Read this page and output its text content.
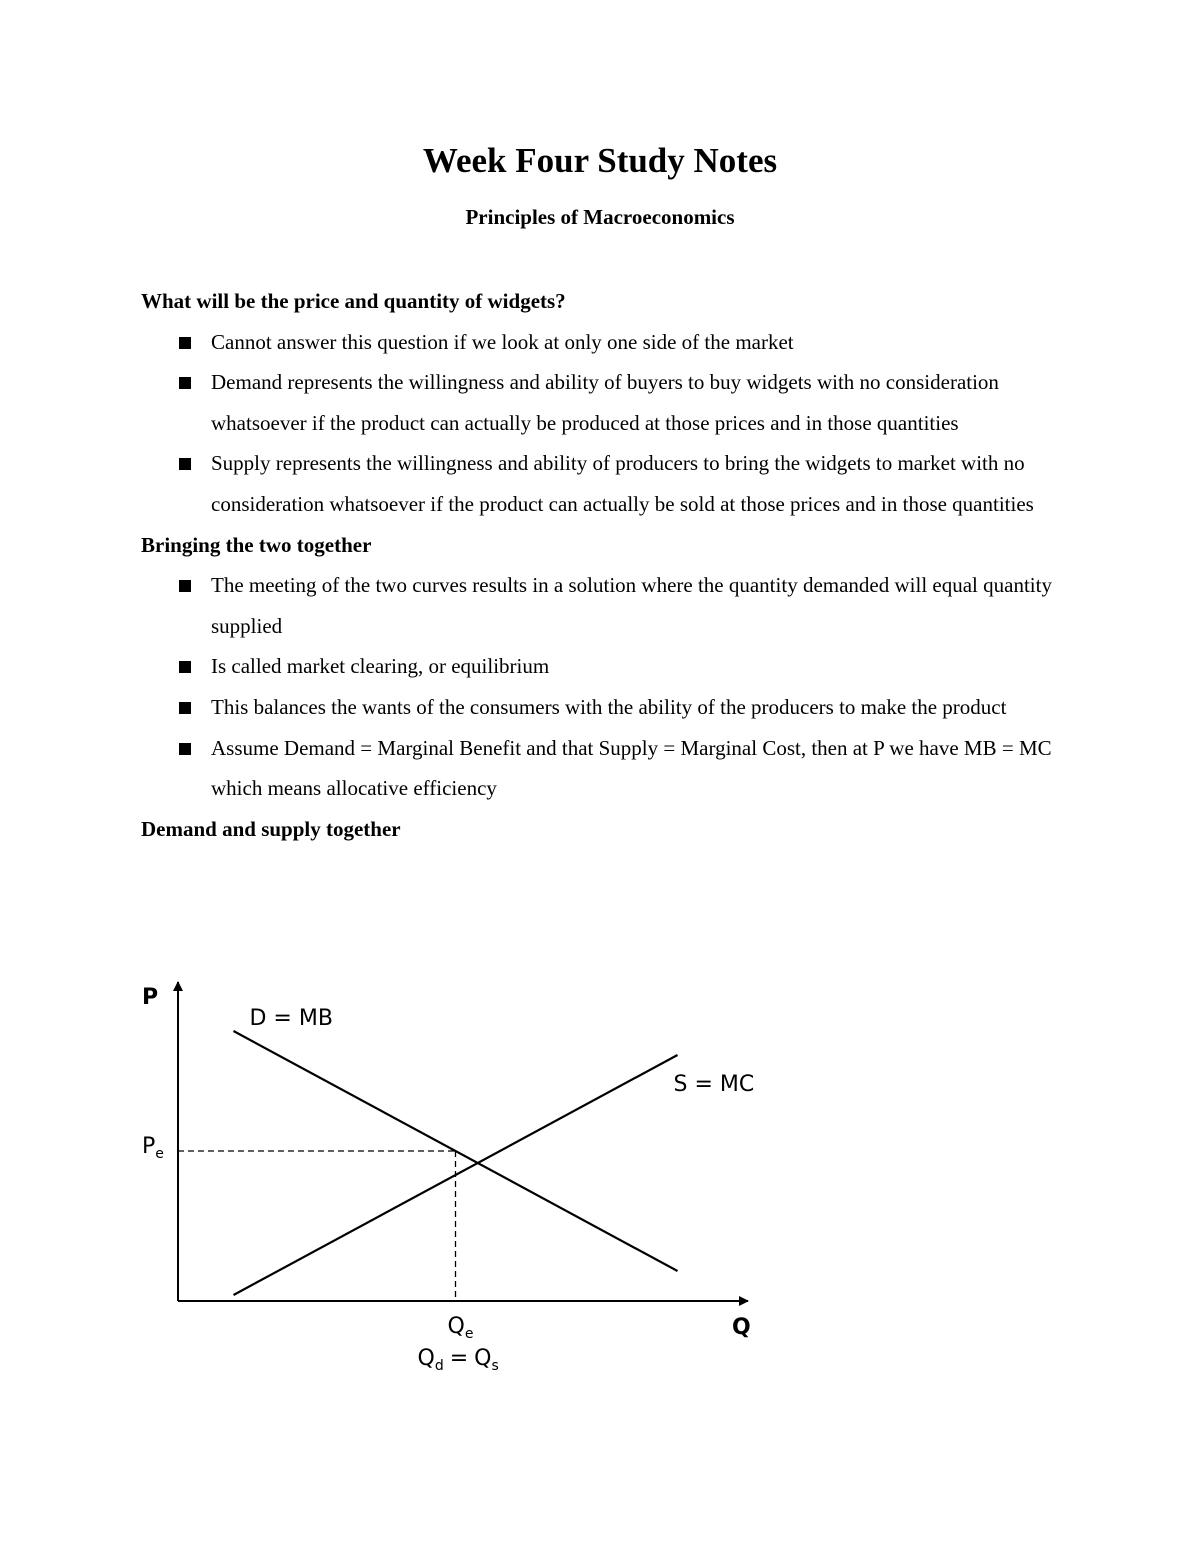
Week Four Study Notes
Principles of Macroeconomics
What will be the price and quantity of widgets?
Cannot answer this question if we look at only one side of the market
Demand represents the willingness and ability of buyers to buy widgets with no consideration whatsoever if the product can actually be produced at those prices and in those quantities
Supply represents the willingness and ability of producers to bring the widgets to market with no consideration whatsoever if the product can actually be sold at those prices and in those quantities
Bringing the two together
The meeting of the two curves results in a solution where the quantity demanded will equal quantity supplied
Is called market clearing, or equilibrium
This balances the wants of the consumers with the ability of the producers to make the product
Assume Demand = Marginal Benefit and that Supply = Marginal Cost, then at P we have MB = MC which means allocative efficiency
Demand and supply together
P
Q
D = MB
S = MC
$P_e$
$Q_e$
$Q_d = Q_s$
